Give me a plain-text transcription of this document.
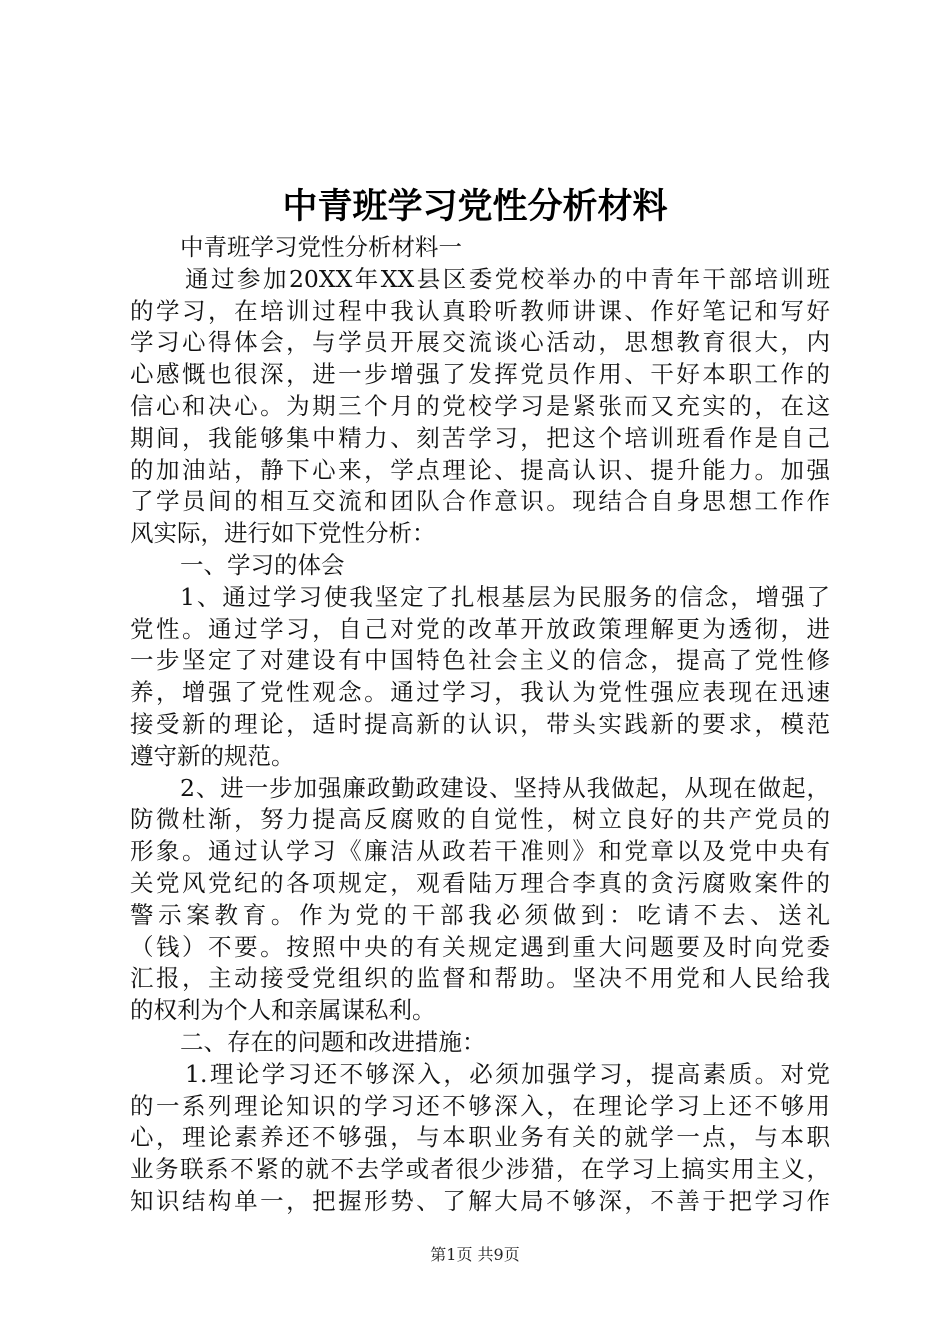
中青班学习党性分析材料
中青班学习党性分析材料一
通过参加20XX年XX县区委党校举办的中青年干部培训班
的学习，在培训过程中我认真聆听教师讲课、作好笔记和写好
学习心得体会，与学员开展交流谈心活动，思想教育很大，内
心感慨也很深，进一步增强了发挥党员作用、干好本职工作的
信心和决心。为期三个月的党校学习是紧张而又充实的，在这
期间，我能够集中精力、刻苦学习，把这个培训班看作是自己
的加油站，静下心来，学点理论、提高认识、提升能力。加强
了学员间的相互交流和团队合作意识。现结合自身思想工作作
风实际，进行如下党性分析：
一、学习的体会
1、通过学习使我坚定了扎根基层为民服务的信念，增强了
党性。通过学习，自己对党的改革开放政策理解更为透彻，进
一步坚定了对建设有中国特色社会主义的信念，提高了党性修
养，增强了党性观念。通过学习，我认为党性强应表现在迅速
接受新的理论，适时提高新的认识，带头实践新的要求，模范
遵守新的规范。
2、进一步加强廉政勤政建设、坚持从我做起，从现在做起，
防微杜渐，努力提高反腐败的自觉性，树立良好的共产党员的
形象。通过认学习《廉洁从政若干准则》和党章以及党中央有
关党风党纪的各项规定，观看陆万理合李真的贪污腐败案件的
警示案教育。作为党的干部我必须做到：吃请不去、送礼
（钱）不要。按照中央的有关规定遇到重大问题要及时向党委
汇报，主动接受党组织的监督和帮助。坚决不用党和人民给我
的权利为个人和亲属谋私利。
二、存在的问题和改进措施：
1.理论学习还不够深入，必须加强学习，提高素质。对党
的一系列理论知识的学习还不够深入，在理论学习上还不够用
心，理论素养还不够强，与本职业务有关的就学一点，与本职
业务联系不紧的就不去学或者很少涉猎，在学习上搞实用主义，
知识结构单一，把握形势、了解大局不够深，不善于把学习作
第1页 共9页
